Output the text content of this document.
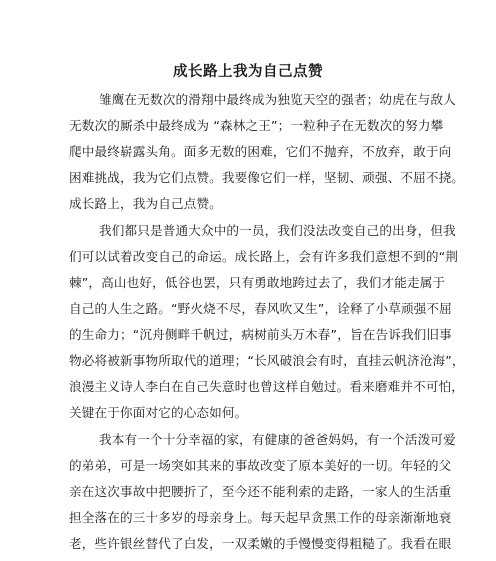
成长路上我为自己点赞
雏鹰在无数次的滑翔中最终成为独览天空的强者；幼虎在与敌人
无数次的厮杀中最终成为 “森林之王”；一粒种子在无数次的努力攀
爬中最终崭露头角。面多无数的困难，它们不抛弃，不放弃，敢于向
困难挑战，我为它们点赞。我要像它们一样，坚韧、顽强、不屈不挠。
成长路上，我为自己点赞。
我们都只是普通大众中的一员，我们没法改变自己的出身，但我
们可以试着改变自己的命运。成长路上，会有许多我们意想不到的“荆
棘”，高山也好，低谷也罢，只有勇敢地跨过去了，我们才能走属于
自己的人生之路。“野火烧不尽，春风吹又生”，诠释了小草顽强不屈
的生命力；“沉舟侧畔千帆过，病树前头万木春”，旨在告诉我们旧事
物必将被新事物所取代的道理；“长风破浪会有时，直挂云帆济沧海”，
浪漫主义诗人李白在自己失意时也曾这样自勉过。看来磨难并不可怕，
关键在于你面对它的心态如何。
我本有一个十分幸福的家，有健康的爸爸妈妈，有一个活泼可爱
的弟弟，可是一场突如其来的事故改变了原本美好的一切。年轻的父
亲在这次事故中把腰折了，至今还不能利索的走路，一家人的生活重
担全落在的三十多岁的母亲身上。每天起早贪黑工作的母亲渐渐地衰
老，些许银丝替代了白发，一双柔嫩的手慢慢变得粗糙了。我看在眼
